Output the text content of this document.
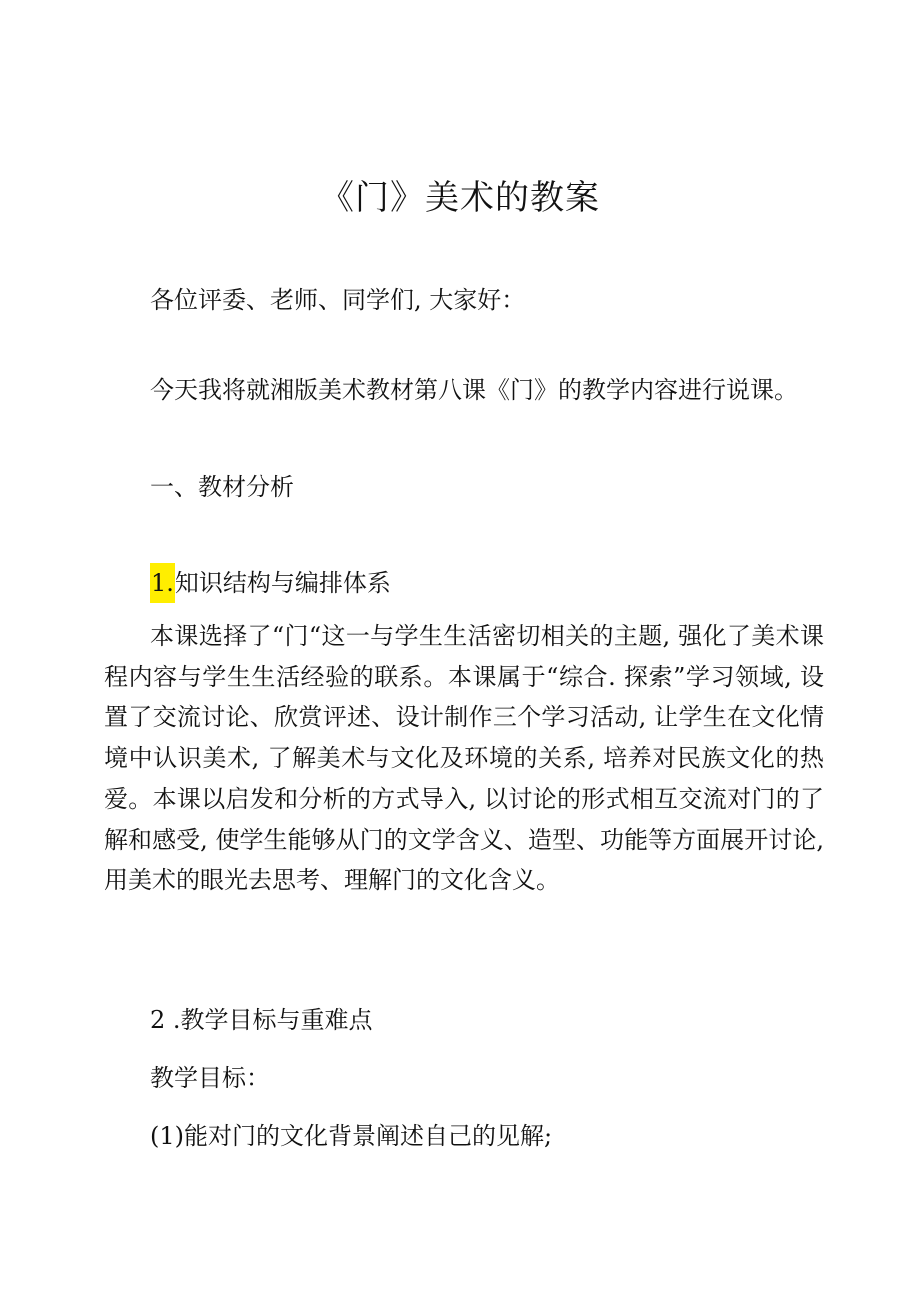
《门》美术的教案
各位评委、老师、同学们, 大家好：
今天我将就湘版美术教材第八课《门》的教学内容进行说课。
一、教材分析
1.知识结构与编排体系
本课选择了“门“这一与学生生活密切相关的主题, 强化了美术课程内容与学生生活经验的联系。本课属于“综合. 探索”学习领域, 设置了交流讨论、欣赏评述、设计制作三个学习活动, 让学生在文化情境中认识美术, 了解美术与文化及环境的关系, 培养对民族文化的热爱。本课以启发和分析的方式导入, 以讨论的形式相互交流对门的了解和感受, 使学生能够从门的文学含义、造型、功能等方面展开讨论, 用美术的眼光去思考、理解门的文化含义。
2 .教学目标与重难点
教学目标：
(1)能对门的文化背景阐述自己的见解;
